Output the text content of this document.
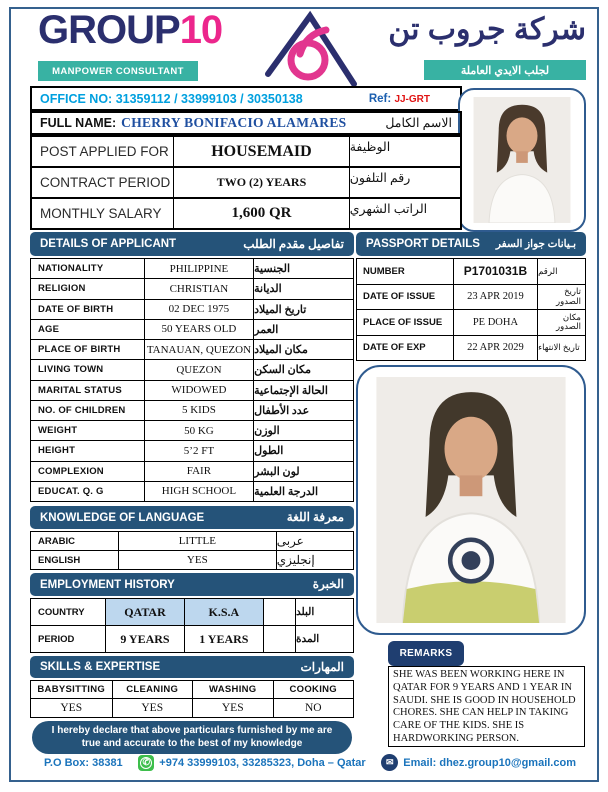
GROUP10
MANPOWER CONSULTANT
شركة جروب تن
لجلب الايدي العاملة
OFFICE NO: 31359112 / 33999103 / 30350138	Ref: JJ-GRT
FULL NAME: CHERRY BONIFACIO ALAMARES	الاسم الكامل
POST APPLIED FOR	HOUSEMAID	الوظيفة
CONTRACT PERIOD	TWO (2) YEARS	رقم التلفون
MONTHLY SALARY	1,600 QR	الراتب الشهري
DETAILS OF APPLICANT	تفاصيل مقدم الطلب
NATIONALITY	PHILIPPINE	الجنسية
RELIGION	CHRISTIAN	الديانة
DATE OF BIRTH	02 DEC 1975	تاريخ الميلاد
AGE	50 YEARS OLD	العمر
PLACE OF BIRTH	TANAUAN, QUEZON مكان الميلاد
LIVING TOWN	QUEZON	مكان السكن
MARITAL STATUS	WIDOWED	الحالة الإجتماعية
NO. OF CHILDREN	5 KIDS	عدد الأطفال
WEIGHT	50 KG	الوزن
HEIGHT	5’2 FT	الطول
COMPLEXION	FAIR	لون البشر
EDUCAT. Q. G	HIGH SCHOOL	الدرجة العلمية
KNOWLEDGE OF LANGUAGE	معرفة اللغة
ARABIC	LITTLE	عربى
ENGLISH	YES	إنجليزي
EMPLOYMENT HISTORY	الخبرة
COUNTRY	QATAR	K.S.A	البلد
PERIOD	9 YEARS	1 YEARS	المدة
SKILLS & EXPERTISE	المهارات
BABYSITTING	CLEANING	WASHING	COOKING
YES	YES	YES	NO
I hereby declare that above particulars furnished by me are true and accurate to the best of my knowledge
PASSPORT DETAILS بـيانات جواز السفر
NUMBER	P1701031B	الرقم
DATE OF ISSUE	23 APR 2019	تاريخ الصدور
PLACE OF ISSUE	PE DOHA	مكان الصدور
DATE OF EXP	22 APR 2029	تاريخ الانتهاء
REMARKS
SHE WAS BEEN WORKING HERE IN QATAR FOR 9 YEARS AND 1 YEAR IN SAUDI. SHE IS GOOD IN HOUSEHOLD CHORES. SHE CAN HELP IN TAKING CARE OF THE KIDS. SHE IS HARDWORKING PERSON.
P.O Box: 38381 ✆ +974 33999103, 33285323, Doha – Qatar	✉ Email: dhez.group10@gmail.com
